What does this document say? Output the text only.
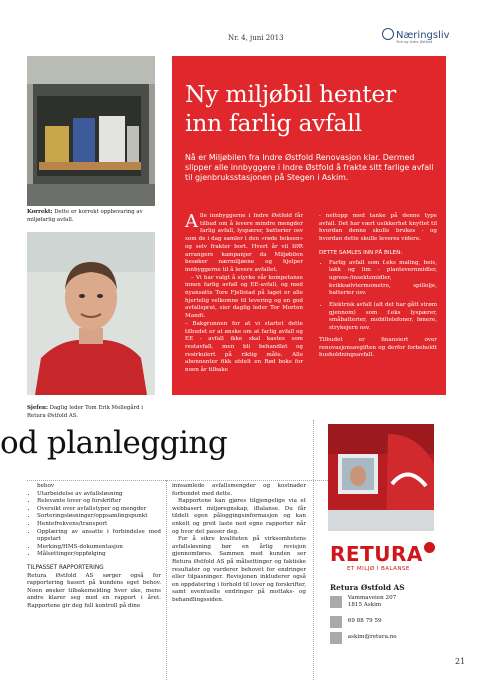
Nr. 4, juni 2013	Næringsliv
Ytre og Indre Østfold
Korrekt: Dette er korrekt oppbevaring av miljøfarlig avfall.
Sjefen: Daglig leder Tom Erik Mellegård i Retura Østfold AS.
Ny miljøbil henter inn farlig avfall
Nå er Miljøbilen fra Indre Østfold Renovasjon klar. Dermed slipper alle innbyggere i Indre Østfold å frakte sitt farlige avfall til gjenbruksstasjonen på Stegen i Askim.

Alle innbyggerne i Indre Østfold får tilbud om å levere mindre mengder farlig avfall, lyspærer, batterier osv som de i dag samler i den «røde boksen» og selv frakter bort. Hvert år vil IØR arrangere kampanjer da Miljøbilen besøker nærmiljøene og hjelper innbyggerne til å levere avfallet.

– Vi har valgt å styrke vår kompetanse innen farlig avfall og EE-avfall, og med nyansatte Tore Fjellstad på laget er alle hjertelig velkomne til levering og en god avfallsprat, sier daglig leder Tor Morten Mandt.

– Bakgrunnen for at vi startet dette tilbudet er at ønske om at farlig avfall og EE - avfall ikke skal kastes som restavfall, men bli behandlet og resirkulert på riktig måte. Alle abonnenter fikk utdelt en Rød boks for noen år tilbake

- nettopp med tanke på denne type avfall. Det har vært usikkerhet knyttet til hvordan denne skulle brukes - og hvordan dette skulle leveres videre.

DETTE SAMLES INN PÅ BILEN:
• Farlig avfall som f.eks maling, beis, lakk og lim - plantevernmidler, ugress-/insektsmidler, kvikksølvtermometre, spillolje, batterier osv.
• Elektrisk avfall (alt det har gått strøm gjennom) som f.eks lyspærer, småbatterier, mobiltelefoner, fønere, strykejern osv.

Tilbudet er finansiert over renovasjonsavgiften og derfor forbeholdt husholdningsavfall.

od planlegging

behov

• Utarbeidelse av avfallsløsning
• Relevante lover og forskrifter
• Oversikt over avfallstyper og mengder
• Sorteringsløsninger/oppsamlingspunkt
• Hentefrekvens/transport
• Opplæring av ansatte i forbindelse med oppstart
• Merking/HMS-dokumentasjon
• Målsettinger/oppfølging
TILPASSET RAPPORTERING

Retura Østfold AS sørger også for rapportering basert på kundens eget behov. Noen ønsker tilbakemelding hver uke, mens andre klarer seg med en rapport i året. Rapportene gir deg full kontroll på dine

innsamlede avfallsmengder og kostnader forbundet med dette.

Rapportene kan gjøres tilgjengelige via et webbasert miljøregnskap, iBalanse. Du får tildelt egen påloggingsinformasjon og kan enkelt og greit laste ned egne rapporter når og hvor det passer deg.

For å sikre kvaliteten på virksomhetens avfallsløsning bør en årlig revisjon gjennomføres. Sammen med kunden ser Retura Østfold AS på målsettinger og faktiske resultater og vurderer behovet for endringer eller tilpasninger. Revisjonen inkluderer også en oppdatering i forhold til lover og forskrifter, samt eventuelle endringer på mottaks- og behandlingssiden.

RETURA
ET MILJØ I BALANSE
Retura Østfold AS
Vammaveien 207
1815 Askim
69 88 79 59
askim@retura.no
21
